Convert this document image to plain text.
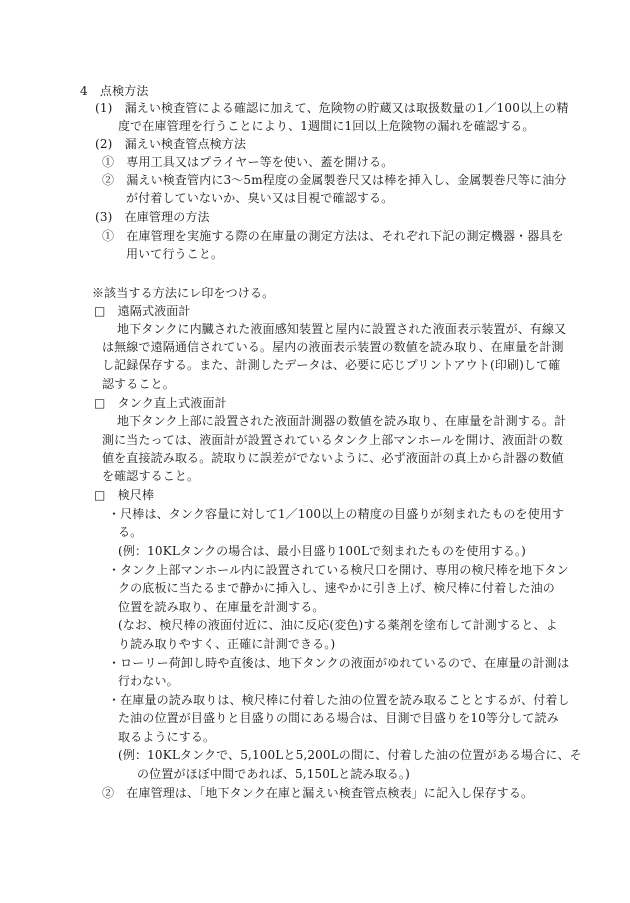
4　点検方法
(1)　漏えい検査管による確認に加えて、危険物の貯蔵又は取扱数量の1／100以上の精
度で在庫管理を行うことにより、1週間に1回以上危険物の漏れを確認する。
(2)　漏えい検査管点検方法
①　専用工具又はプライヤー等を使い、蓋を開ける。
②　漏えい検査管内に3～5m程度の金属製巻尺又は棒を挿入し、金属製巻尺等に油分
が付着していないか、臭い又は目視で確認する。
(3)　在庫管理の方法
①　在庫管理を実施する際の在庫量の測定方法は、それぞれ下記の測定機器・器具を
用いて行うこと。
※該当する方法にレ印をつける。
□　遠隔式液面計
地下タンクに内臓された液面感知装置と屋内に設置された液面表示装置が、有線又
は無線で遠隔通信されている。屋内の液面表示装置の数値を読み取り、在庫量を計測
し記録保存する。また、計測したデータは、必要に応じプリントアウト(印刷)して確
認すること。
□　タンク直上式液面計
地下タンク上部に設置された液面計測器の数値を読み取り、在庫量を計測する。計
測に当たっては、液面計が設置されているタンク上部マンホールを開け、液面計の数
値を直接読み取る。読取りに誤差がでないように、必ず液面計の真上から計器の数値
を確認すること。
□　検尺棒
・尺棒は、タンク容量に対して1／100以上の精度の目盛りが刻まれたものを使用す
る。
(例：10KLタンクの場合は、最小目盛り100Lで刻まれたものを使用する。)
・タンク上部マンホール内に設置されている検尺口を開け、専用の検尺棒を地下タン
クの底板に当たるまで静かに挿入し、速やかに引き上げ、検尺棒に付着した油の
位置を読み取り、在庫量を計測する。
(なお、検尺棒の液面付近に、油に反応(変色)する薬剤を塗布して計測すると、よ
り読み取りやすく、正確に計測できる。)
・ローリー荷卸し時や直後は、地下タンクの液面がゆれているので、在庫量の計測は
行わない。
・在庫量の読み取りは、検尺棒に付着した油の位置を読み取ることとするが、付着し
た油の位置が目盛りと目盛りの間にある場合は、目測で目盛りを10等分して読み
取るようにする。
(例：10KLタンクで、5,100Lと5,200Lの間に、付着した油の位置がある場合に、そ
の位置がほぼ中間であれば、5,150Lと読み取る。)
②　在庫管理は、「地下タンク在庫と漏えい検査管点検表」に記入し保存する。
